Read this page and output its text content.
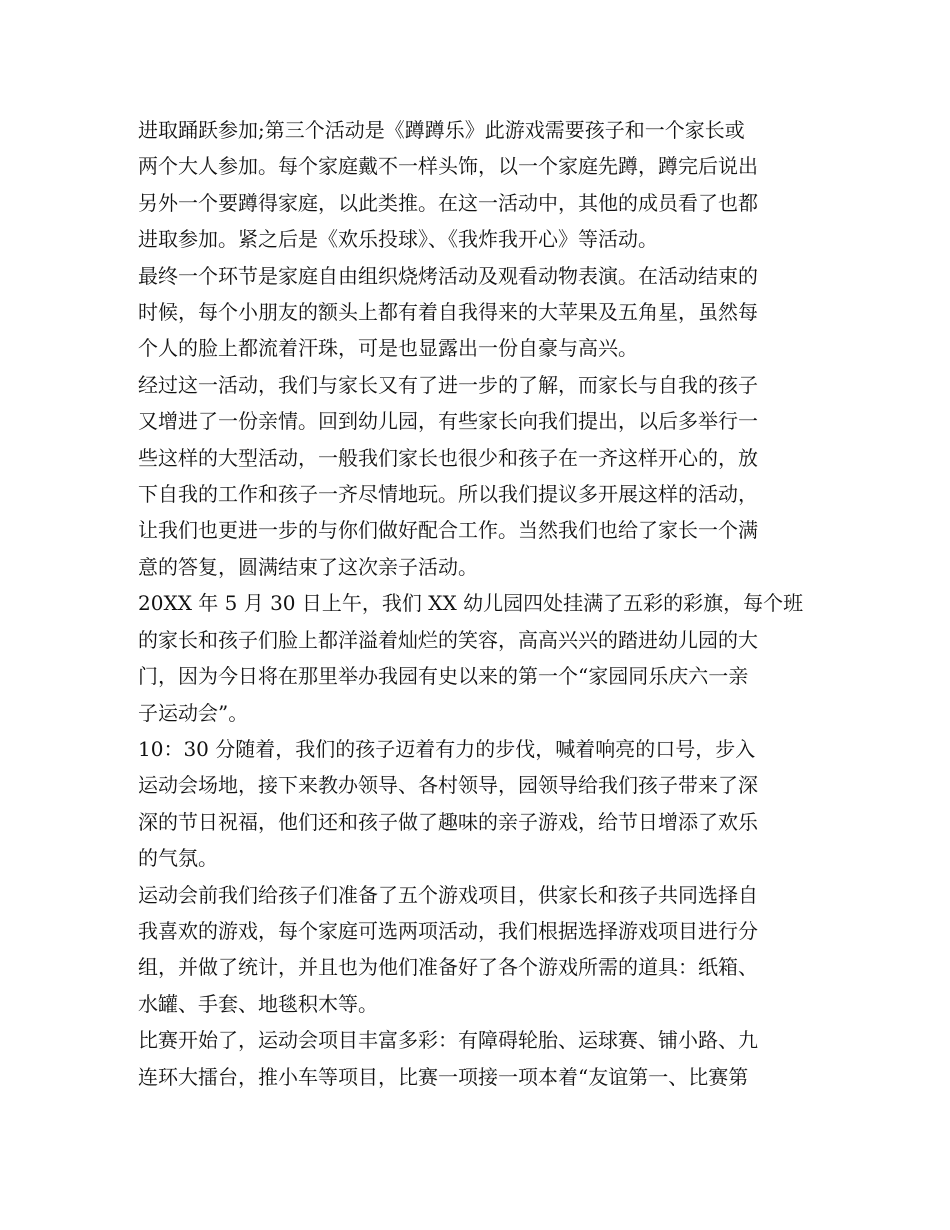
进取踊跃参加;第三个活动是《蹲蹲乐》此游戏需要孩子和一个家长或
两个大人参加。每个家庭戴不一样头饰，以一个家庭先蹲，蹲完后说出
另外一个要蹲得家庭，以此类推。在这一活动中，其他的成员看了也都
进取参加。紧之后是《欢乐投球》、《我炸我开心》等活动。

最终一个环节是家庭自由组织烧烤活动及观看动物表演。在活动结束的
时候，每个小朋友的额头上都有着自我得来的大苹果及五角星，虽然每
个人的脸上都流着汗珠，可是也显露出一份自豪与高兴。

经过这一活动，我们与家长又有了进一步的了解，而家长与自我的孩子
又增进了一份亲情。回到幼儿园，有些家长向我们提出，以后多举行一
些这样的大型活动，一般我们家长也很少和孩子在一齐这样开心的，放
下自我的工作和孩子一齐尽情地玩。所以我们提议多开展这样的活动，
让我们也更进一步的与你们做好配合工作。当然我们也给了家长一个满
意的答复，圆满结束了这次亲子活动。

20XX 年 5 月 30 日上午，我们 XX 幼儿园四处挂满了五彩的彩旗，每个班
的家长和孩子们脸上都洋溢着灿烂的笑容，高高兴兴的踏进幼儿园的大
门，因为今日将在那里举办我园有史以来的第一个“家园同乐庆六一亲
子运动会”。

10：30 分随着，我们的孩子迈着有力的步伐，喊着响亮的口号，步入
运动会场地，接下来教办领导、各村领导，园领导给我们孩子带来了深
深的节日祝福，他们还和孩子做了趣味的亲子游戏，给节日增添了欢乐
的气氛。

运动会前我们给孩子们准备了五个游戏项目，供家长和孩子共同选择自
我喜欢的游戏，每个家庭可选两项活动，我们根据选择游戏项目进行分
组，并做了统计，并且也为他们准备好了各个游戏所需的道具：纸箱、
水罐、手套、地毯积木等。

比赛开始了，运动会项目丰富多彩：有障碍轮胎、运球赛、铺小路、九
连环大擂台，推小车等项目，比赛一项接一项本着“友谊第一、比赛第
